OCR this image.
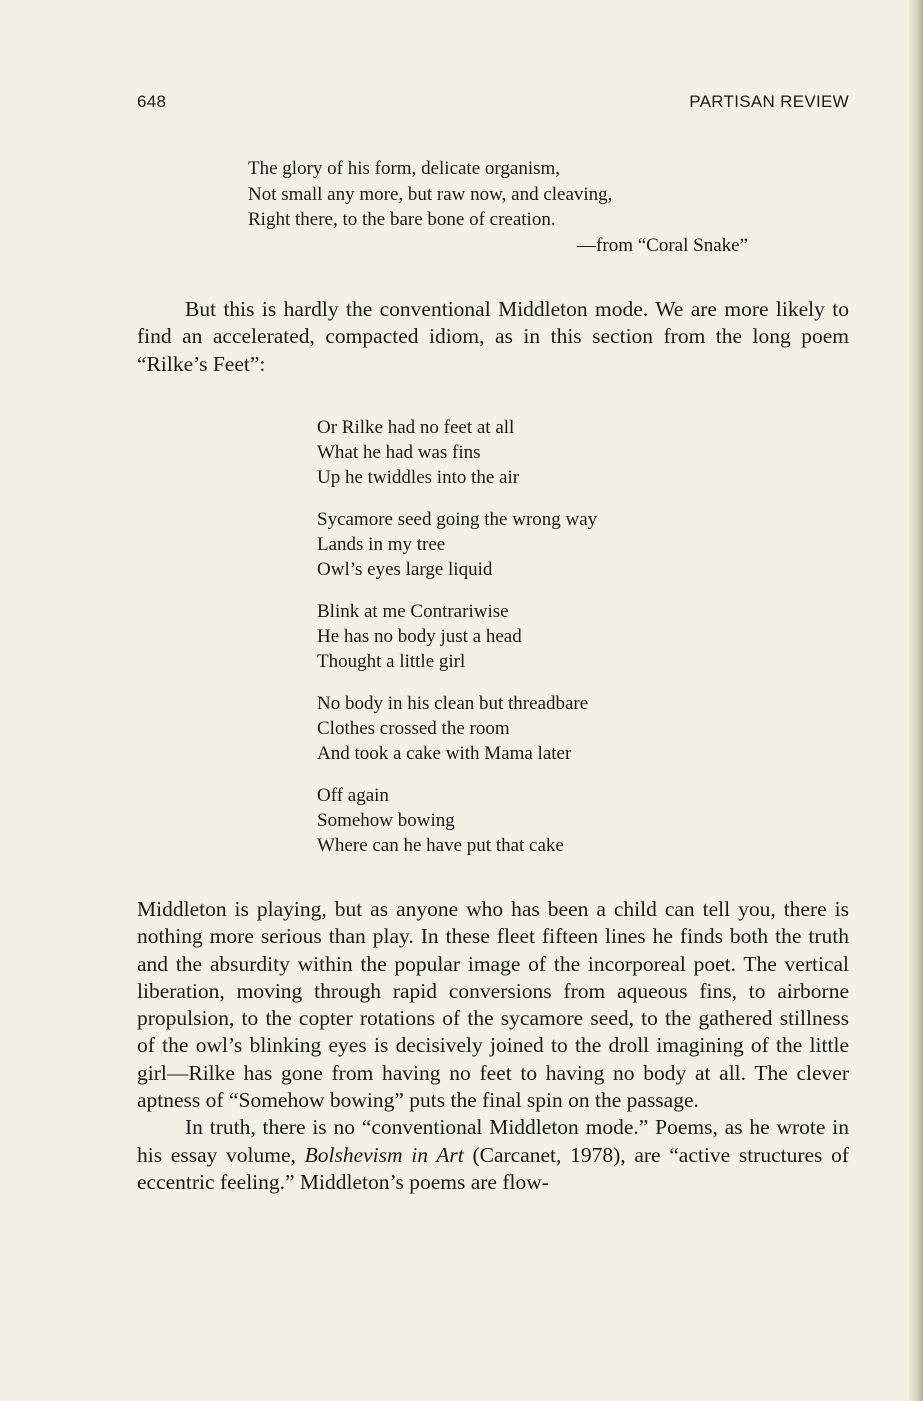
648	PARTISAN REVIEW
The glory of his form, delicate organism,
Not small any more, but raw now, and cleaving,
Right there, to the bare bone of creation.
—from “Coral Snake”

But this is hardly the conventional Middleton mode. We are more likely to find an accelerated, compacted idiom, as in this section from the long poem “Rilke’s Feet”:

Or Rilke had no feet at all
What he had was fins
Up he twiddles into the air
Sycamore seed going the wrong way
Lands in my tree
Owl’s eyes large liquid
Blink at me Contrariwise
He has no body just a head
Thought a little girl
No body in his clean but threadbare
Clothes crossed the room
And took a cake with Mama later
Off again
Somehow bowing
Where can he have put that cake

Middleton is playing, but as anyone who has been a child can tell you, there is nothing more serious than play. In these fleet fifteen lines he finds both the truth and the absurdity within the popular image of the incorporeal poet. The vertical liberation, moving through rapid conversions from aqueous fins, to airborne propulsion, to the copter rotations of the sycamore seed, to the gathered stillness of the owl’s blinking eyes is decisively joined to the droll imagining of the little girl—Rilke has gone from having no feet to having no body at all. The clever aptness of “Somehow bowing” puts the final spin on the passage.

In truth, there is no “conventional Middleton mode.” Poems, as he wrote in his essay volume, Bolshevism in Art (Carcanet, 1978), are “active structures of eccentric feeling.” Middleton’s poems are flow-
